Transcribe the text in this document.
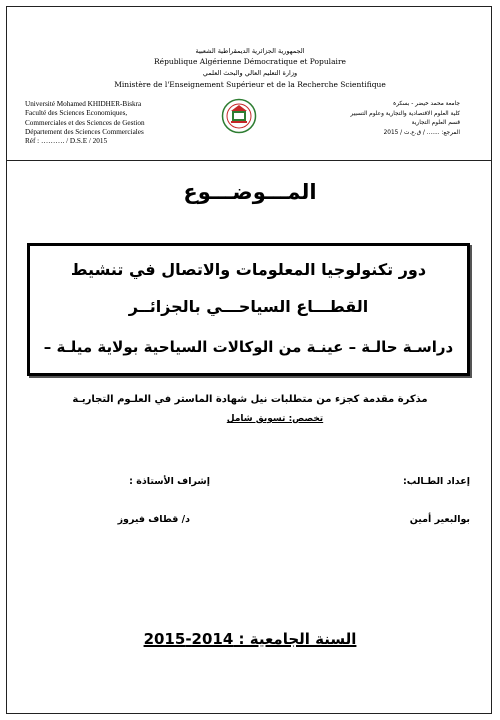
الجمهورية الجزائرية الديمقراطية الشعبية
République Algérienne Démocratique et Populaire
وزارة التعليم العالي والبحث العلمي
Ministère de l'Enseignement Supérieur et de la Recherche Scientifique
Université Mohamed KHIDHER-Biskra
Faculté des Sciences Economiques,
Commerciales et des Sciences de Gestion
Département des Sciences Commerciales
Réf : ………. / D.S.E / 2015
جامعة محمد خيضر - بسكرة
كلية العلوم الاقتصادية والتجارية وعلوم التسيير
قسم العلوم التجارية
المرجع: ....... / ق.ع.ت / 2015
المـــوضـــوع
دور تكنولوجيا المعلومات والاتصال في تنشيط
القطـــاع السياحـــي بالجزائــر
دراسـة حالـة – عينـة من الوكالات السياحية بولاية ميلـة –
مذكرة مقدمة كجزء من متطلبات نيل شهادة الماستر في العلـوم التجاريـة
تخصص: تسويق شامل
إعداد الطـالب:
إشراف الأستاذة :
بوالبعير أمين
د/ قطاف فيروز
السنة الجامعية : 2014-2015
